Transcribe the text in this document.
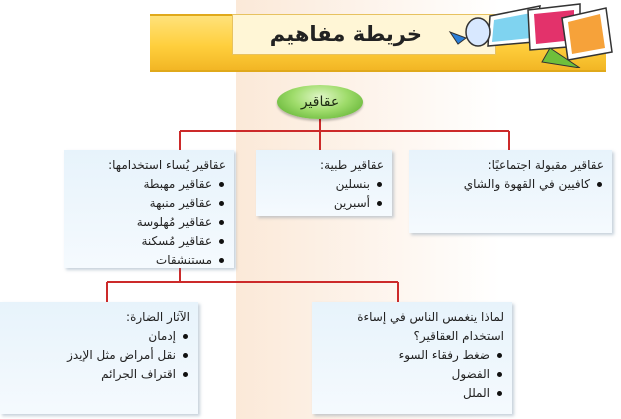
خريطة مفاهيم
عقاقير
عقاقير مقبولة اجتماعيًا:
كافيين في القهوة والشاي
عقاقير طبية:
بنسلين
أسبرين
عقاقير يُساء استخدامها:
عقاقير مهبطة
عقاقير منبهة
عقاقير مُهلوسة
عقاقير مُسكنة
مستنشقات
لماذا ينغمس الناس في إساءة
استخدام العقاقير؟
ضغط رفقاء السوء
الفضول
الملل
الآثار الضارة:
إدمان
نقل أمراض مثل الإيدز
اقتراف الجرائم
